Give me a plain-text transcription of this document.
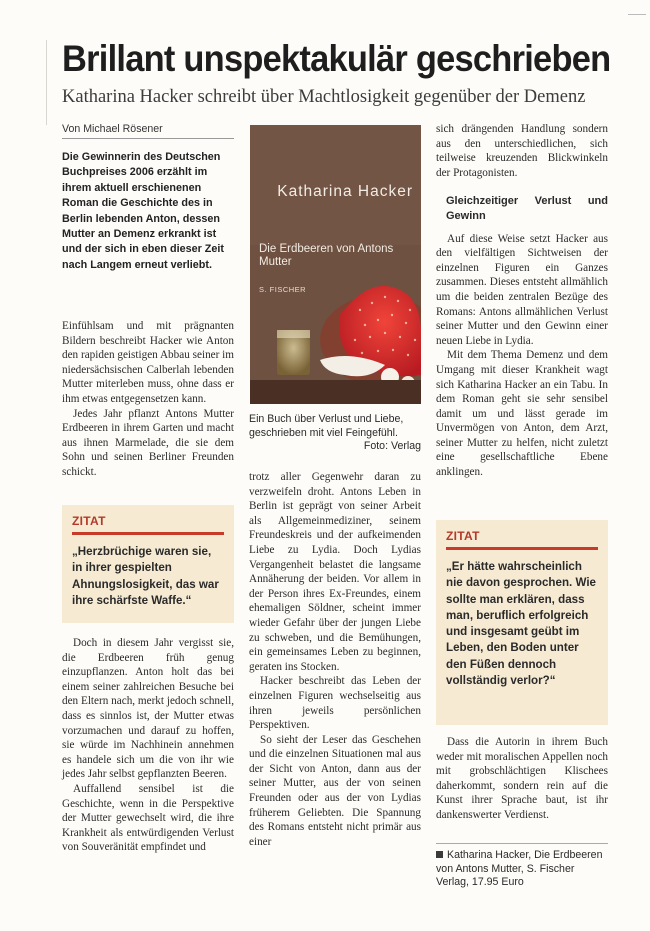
Brillant unspektakulär geschrieben
Katharina Hacker schreibt über Machtlosigkeit gegenüber der Demenz
Von Michael Rösener
Die Gewinnerin des Deutschen Buchpreises 2006 erzählt im ihrem aktuell erschienenen Roman die Geschichte des in Berlin lebenden Anton, dessen Mutter an Demenz erkrankt ist und der sich in eben dieser Zeit nach Langem erneut verliebt.

Einfühlsam und mit prägnanten Bildern beschreibt Hacker wie Anton den rapiden geistigen Abbau seiner im niedersächsischen Calberlah lebenden Mutter miterleben muss, ohne dass er ihm etwas entgegensetzen kann.

Jedes Jahr pflanzt Antons Mutter Erdbeeren in ihrem Garten und macht aus ihnen Marmelade, die sie dem Sohn und seinen Berliner Freunden schickt.

ZITAT
„Herzbrüchige waren sie, in ihrer gespielten Ahnungslosigkeit, das war ihre schärfste Waffe.“

Doch in diesem Jahr vergisst sie, die Erdbeeren früh genug einzupflanzen. Anton holt das bei einem seiner zahlreichen Besuche bei den Eltern nach, merkt jedoch schnell, dass es sinnlos ist, der Mutter etwas vorzumachen und darauf zu hoffen, sie würde im Nachhinein annehmen es handele sich um die von ihr wie jedes Jahr selbst gepflanzten Beeren.

Auffallend sensibel ist die Geschichte, wenn in die Perspektive der Mutter gewechselt wird, die ihre Krankheit als entwürdigenden Verlust von Souveränität empfindet und

Katharina Hacker
Die Erdbeeren von Antons Mutter
S. FISCHER
Ein Buch über Verlust und Liebe, geschrieben mit viel Feingefühl.
Foto: Verlag

trotz aller Gegenwehr daran zu verzweifeln droht. Antons Leben in Berlin ist geprägt von seiner Arbeit als Allgemeinmediziner, seinem Freundeskreis und der aufkeimenden Liebe zu Lydia. Doch Lydias Vergangenheit belastet die langsame Annäherung der beiden. Vor allem in der Person ihres Ex-Freundes, einem ehemaligen Söldner, scheint immer wieder Gefahr über der jungen Liebe zu schweben, und die Bemühungen, ein gemeinsames Leben zu beginnen, geraten ins Stocken.

Hacker beschreibt das Leben der einzelnen Figuren wechselseitig aus ihren jeweils persönlichen Perspektiven.

So sieht der Leser das Geschehen und die einzelnen Situationen mal aus der Sicht von Anton, dann aus der seiner Mutter, aus der von seinen Freunden oder aus der von Lydias früherem Geliebten. Die Spannung des Romans entsteht nicht primär aus einer

sich drängenden Handlung sondern aus den unterschiedlichen, sich teilweise kreuzenden Blickwinkeln der Protagonisten.

Gleichzeitiger Verlust und Gewinn

Auf diese Weise setzt Hacker aus den vielfältigen Sichtweisen der einzelnen Figuren ein Ganzes zusammen. Dieses entsteht allmählich um die beiden zentralen Bezüge des Romans: Antons allmählichen Verlust seiner Mutter und den Gewinn einer neuen Liebe in Lydia.

Mit dem Thema Demenz und dem Umgang mit dieser Krankheit wagt sich Katharina Hacker an ein Tabu. In dem Roman geht sie sehr sensibel damit um und lässt gerade im Unvermögen von Anton, dem Arzt, seiner Mutter zu helfen, nicht zuletzt eine gesellschaftliche Ebene anklingen.

ZITAT
„Er hätte wahrscheinlich nie davon gesprochen. Wie sollte man erklären, dass man, beruflich erfolgreich und insgesamt geübt im Leben, den Boden unter den Füßen dennoch vollständig verlor?“

Dass die Autorin in ihrem Buch weder mit moralischen Appellen noch mit grobschlächtigen Klischees daherkommt, sondern rein auf die Kunst ihrer Sprache baut, ist ihr dankenswerter Verdienst.

Katharina Hacker, Die Erdbeeren von Antons Mutter, S. Fischer Verlag, 17.95 Euro
